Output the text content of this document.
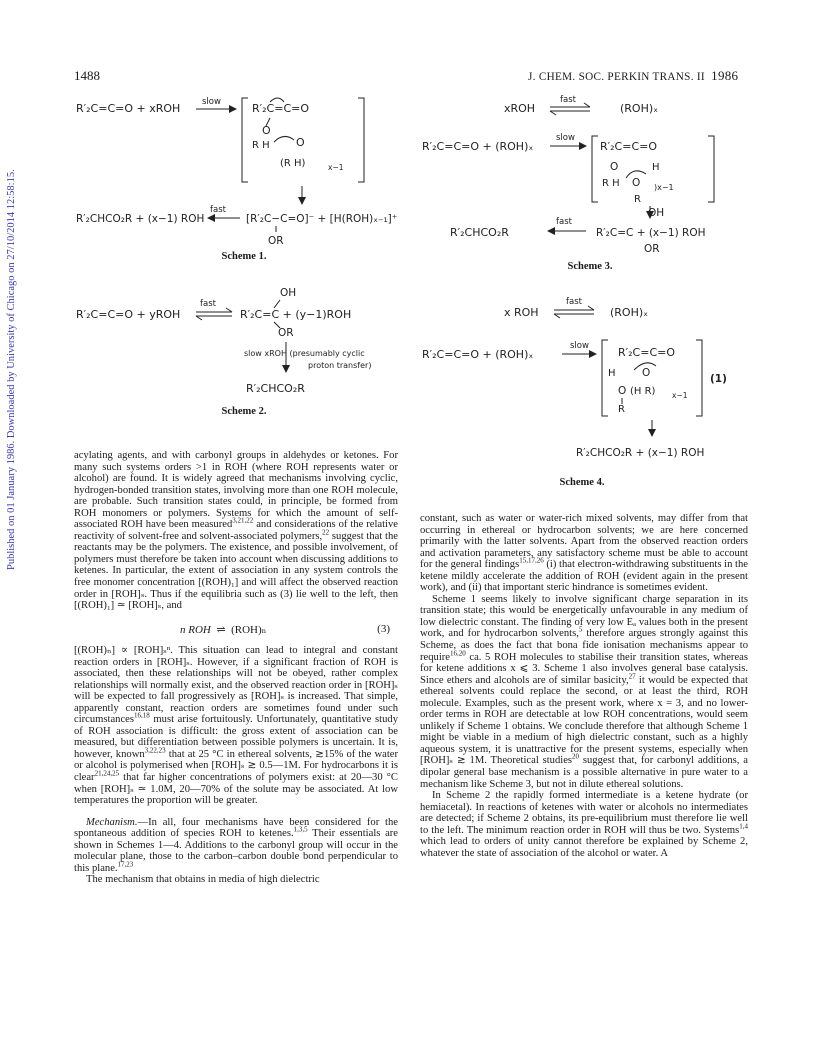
Published on 01 January 1986. Downloaded by University of Chicago on 27/10/2014 12:58:15.
1488	J. CHEM. SOC. PERKIN TRANS. II 1986
R′₂C=C=O + xROH	slow	R′₂C=C=O
O
R H O
(R H)	x−1
R′₂CHCO₂R + (x−1) ROH
fast
[R′₂C−C=O]⁻ + [H(ROH)ₓ₋₁]⁺
OR
Scheme 1.
OH
R′₂C=C=O + yROH
fast
R′₂C=C + (y−1)ROH
OR
slow xROH (presumably cyclic
proton transfer)
R′₂CHCO₂R
Scheme 2.
xROH
fast
(ROH)ₓ
R′₂C=C=O + (ROH)ₓ
slow
R′₂C=C=O
O	H
R H O )x−1
R
OH
R′₂CHCO₂R
fast
R′₂C=C + (x−1) ROH
OR
Scheme 3.
x ROH
fast
(ROH)ₓ
R′₂C=C=O + (ROH)ₓ
slow	R′₂C=C=O
H	O
O (H R) x−1
R
(1)
R′₂CHCO₂R + (x−1) ROH
Scheme 4.

acylating agents, and with carbonyl groups in aldehydes or ketones. For many such systems orders >1 in ROH (where ROH represents water or alcohol) are found. It is widely agreed that mechanisms involving cyclic, hydrogen-bonded transition states, involving more than one ROH molecule, are probable. Such transition states could, in principle, be formed from ROH monomers or polymers. Systems for which the amount of self-associated ROH have been measured$^{3,21,22}$ and considerations of the relative reactivity of solvent-free and solvent-associated polymers,$^{22}$ suggest that the reactants may be the polymers. The existence, and possible involvement, of polymers must therefore be taken into account when discussing additions to ketenes. In particular, the extent of association in any system controls the free monomer concentration [(ROH)₁] and will affect the observed reaction order in [ROH]ₛ. Thus if the equilibria such as (3) lie well to the left, then [(ROH)₁] ≃ [ROH]ₛ, and

n ROH  ⇌  (ROH)ₙ	(3)

[(ROH)ₙ] ∝ [ROH]ₛⁿ. This situation can lead to integral and constant reaction orders in [ROH]ₛ. However, if a significant fraction of ROH is associated, then these relationships will not be obeyed, rather complex relationships will normally exist, and the observed reaction order in [ROH]ₛ will be expected to fall progressively as [ROH]ₛ is increased. That simple, apparently constant, reaction orders are sometimes found under such circumstances$^{16,18}$ must arise fortuitously. Unfortunately, quantitative study of ROH association is difficult: the gross extent of association can be measured, but differentiation between possible polymers is uncertain. It is, however, known$^{3,22,23}$ that at 25 °C in ethereal solvents, ≳15% of the water or alcohol is polymerised when [ROH]ₛ ≳ 0.5—1M. For hydrocarbons it is clear$^{21,24,25}$ that far higher concentrations of polymers exist: at 20—30 °C when [ROH]ₛ ≃ 1.0M, 20—70% of the solute may be associated. At low temperatures the proportion will be greater.

Mechanism.—In all, four mechanisms have been considered for the spontaneous addition of species ROH to ketenes.$^{1,3,5}$ Their essentials are shown in Schemes 1—4. Additions to the carbonyl group will occur in the molecular plane, those to the carbon–carbon double bond perpendicular to this plane.$^{17,23}$

The mechanism that obtains in media of high dielectric

constant, such as water or water-rich mixed solvents, may differ from that occurring in ethereal or hydrocarbon solvents; we are here concerned primarily with the latter solvents. Apart from the observed reaction orders and activation parameters, any satisfactory scheme must be able to account for the general findings$^{15,17,26}$ (i) that electron-withdrawing substituents in the ketene mildly accelerate the addition of ROH (evident again in the present work), and (ii) that important steric hindrance is sometimes evident.

Scheme 1 seems likely to involve significant charge separation in its transition state; this would be energetically unfavourable in any medium of low dielectric constant. The finding of very low Eₐ values both in the present work, and for hydrocarbon solvents,$^5$ therefore argues strongly against this Scheme, as does the fact that bona fide ionisation mechanisms appear to require$^{16,20}$ ca. 5 ROH molecules to stabilise their transition states, whereas for ketene additions x ⩽ 3. Scheme 1 also involves general base catalysis. Since ethers and alcohols are of similar basicity,$^{27}$ it would be expected that ethereal solvents could replace the second, or at least the third, ROH molecule. Examples, such as the present work, where x = 3, and no lower-order terms in ROH are detectable at low ROH concentrations, would seem unlikely if Scheme 1 obtains. We conclude therefore that although Scheme 1 might be viable in a medium of high dielectric constant, such as a highly aqueous system, it is unattractive for the present systems, especially when [ROH]ₛ ≳ 1M. Theoretical studies$^{20}$ suggest that, for carbonyl additions, a dipolar general base mechanism is a possible alternative in pure water to a mechanism like Scheme 3, but not in dilute ethereal solutions.

In Scheme 2 the rapidly formed intermediate is a ketene hydrate (or hemiacetal). In reactions of ketenes with water or alcohols no intermediates are detected; if Scheme 2 obtains, its pre-equilibrium must therefore lie well to the left. The minimum reaction order in ROH will thus be two. Systems$^{1,4}$ which lead to orders of unity cannot therefore be explained by Scheme 2, whatever the state of association of the alcohol or water. A
